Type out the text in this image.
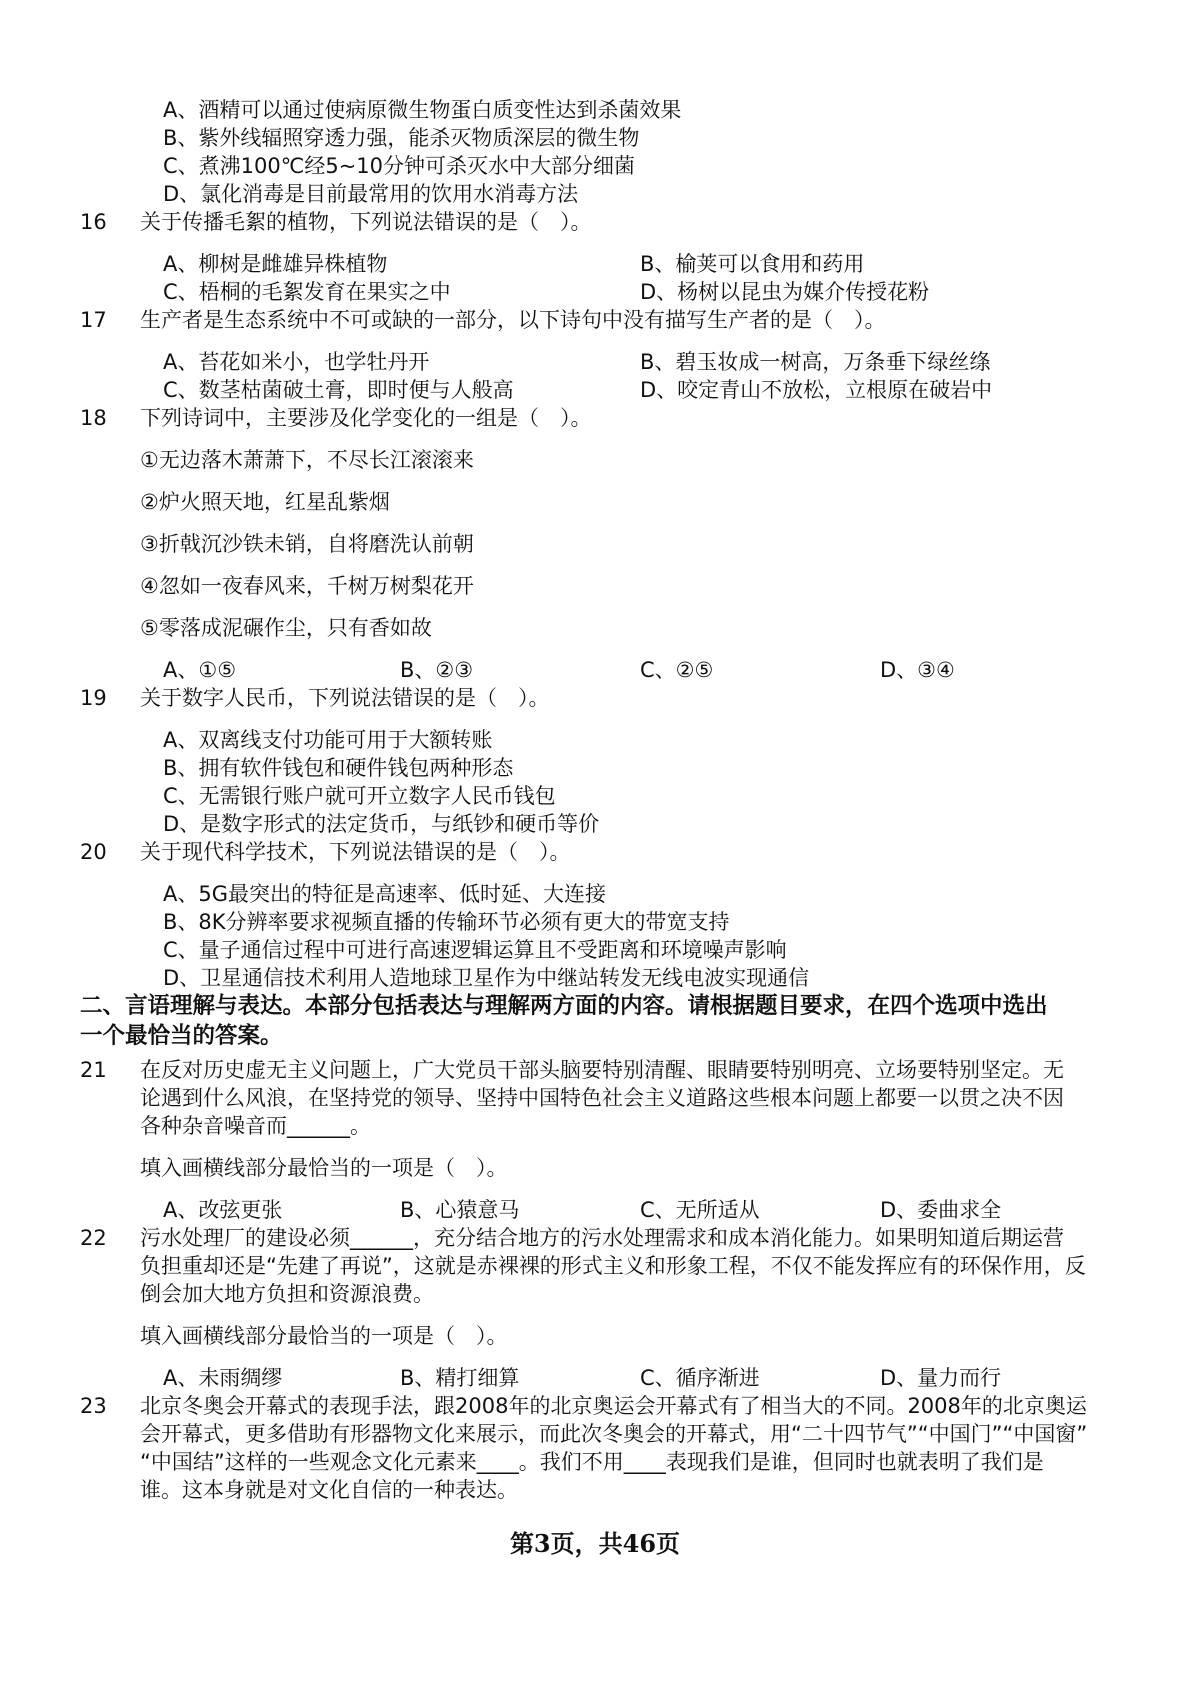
A、酒精可以通过使病原微生物蛋白质变性达到杀菌效果
B、紫外线辐照穿透力强，能杀灭物质深层的微生物
C、煮沸100℃经5~10分钟可杀灭水中大部分细菌
D、氯化消毒是目前最常用的饮用水消毒方法
16 关于传播毛絮的植物，下列说法错误的是（　）。
A、柳树是雌雄异株植物	B、榆荚可以食用和药用
C、梧桐的毛絮发育在果实之中	D、杨树以昆虫为媒介传授花粉
17 生产者是生态系统中不可或缺的一部分，以下诗句中没有描写生产者的是（　）。
A、苔花如米小，也学牡丹开	B、碧玉妆成一树高，万条垂下绿丝绦
C、数茎枯菌破土膏，即时便与人般高	D、咬定青山不放松，立根原在破岩中
18 下列诗词中，主要涉及化学变化的一组是（　）。
①无边落木萧萧下，不尽长江滚滚来
②炉火照天地，红星乱紫烟
③折戟沉沙铁未销，自将磨洗认前朝
④忽如一夜春风来，千树万树梨花开
⑤零落成泥碾作尘，只有香如故
A、①⑤	B、②③	C、②⑤	D、③④
19 关于数字人民币，下列说法错误的是（　）。
A、双离线支付功能可用于大额转账
B、拥有软件钱包和硬件钱包两种形态
C、无需银行账户就可开立数字人民币钱包
D、是数字形式的法定货币，与纸钞和硬币等价
20 关于现代科学技术，下列说法错误的是（　）。
A、5G最突出的特征是高速率、低时延、大连接
B、8K分辨率要求视频直播的传输环节必须有更大的带宽支持
C、量子通信过程中可进行高速逻辑运算且不受距离和环境噪声影响
D、卫星通信技术利用人造地球卫星作为中继站转发无线电波实现通信
二、言语理解与表达。本部分包括表达与理解两方面的内容。请根据题目要求，在四个选项中选出
一个最恰当的答案。
21 在反对历史虚无主义问题上，广大党员干部头脑要特别清醒、眼睛要特别明亮、立场要特别坚定。无
论遇到什么风浪，在坚持党的领导、坚持中国特色社会主义道路这些根本问题上都要一以贯之决不因
各种杂音噪音而______。
填入画横线部分最恰当的一项是（　）。
A、改弦更张	B、心猿意马	C、无所适从	D、委曲求全
22 污水处理厂的建设必须______，充分结合地方的污水处理需求和成本消化能力。如果明知道后期运营
负担重却还是“先建了再说”，这就是赤裸裸的形式主义和形象工程，不仅不能发挥应有的环保作用，反
倒会加大地方负担和资源浪费。
填入画横线部分最恰当的一项是（　）。
A、未雨绸缪	B、精打细算	C、循序渐进	D、量力而行
23 北京冬奥会开幕式的表现手法，跟2008年的北京奥运会开幕式有了相当大的不同。2008年的北京奥运
会开幕式，更多借助有形器物文化来展示，而此次冬奥会的开幕式，用“二十四节气”“中国门”“中国窗”
“中国结”这样的一些观念文化元素来____。我们不用____表现我们是谁，但同时也就表明了我们是
谁。这本身就是对文化自信的一种表达。
第3页，共46页
